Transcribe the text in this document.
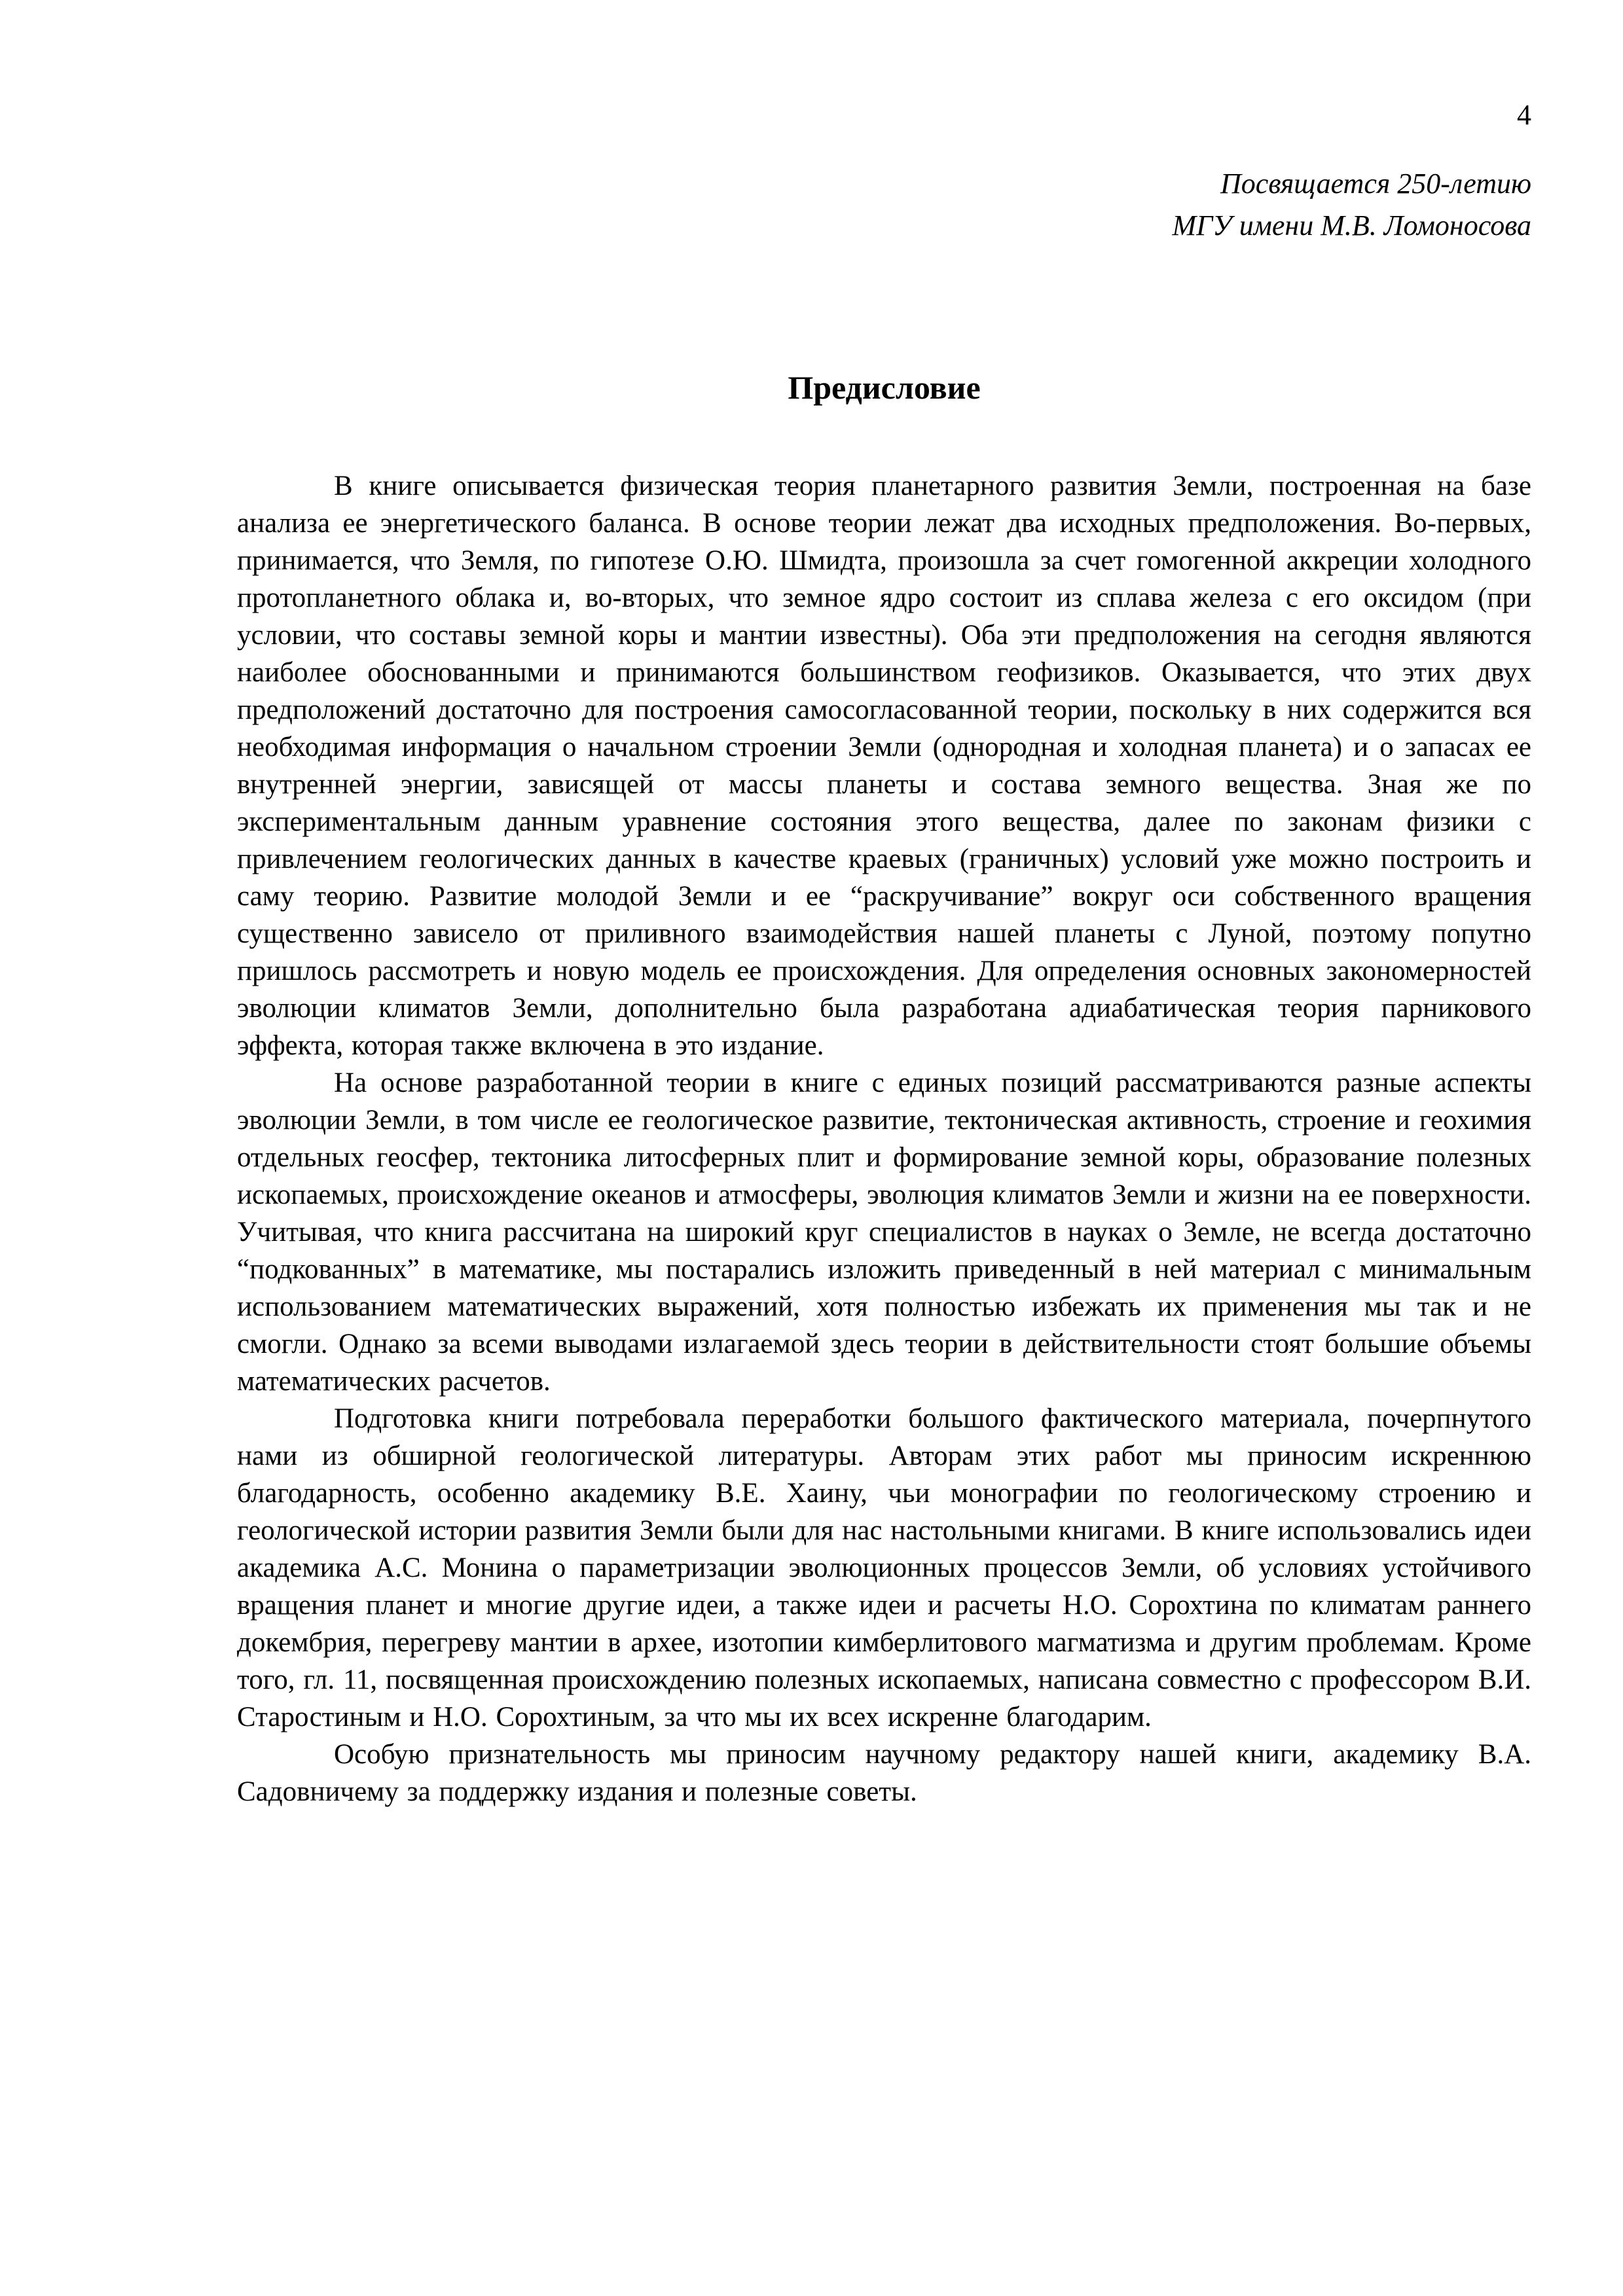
4
Посвящается 250-летию
МГУ имени М.В. Ломоносова
Предисловие

В книге описывается физическая теория планетарного развития Земли, построенная на базе анализа ее энергетического баланса. В основе теории лежат два исходных предположения. Во-первых, принимается, что Земля, по гипотезе О.Ю. Шмидта, произошла за счет гомогенной аккреции холодного протопланетного облака и, во-вторых, что земное ядро состоит из сплава железа с его оксидом (при условии, что составы земной коры и мантии известны). Оба эти предположения на сегодня являются наиболее обоснованными и принимаются большинством геофизиков. Оказывается, что этих двух предположений достаточно для построения самосогласованной теории, поскольку в них содержится вся необходимая информация о начальном строении Земли (однородная и холодная планета) и о запасах ее внутренней энергии, зависящей от массы планеты и состава земного вещества. Зная же по экспериментальным данным уравнение состояния этого вещества, далее по законам физики с привлечением геологических данных в качестве краевых (граничных) условий уже можно построить и саму теорию. Развитие молодой Земли и ее “раскручивание” вокруг оси собственного вращения существенно зависело от приливного взаимодействия нашей планеты с Луной, поэтому попутно пришлось рассмотреть и новую модель ее происхождения. Для определения основных закономерностей эволюции климатов Земли, дополнительно была разработана адиабатическая теория парникового эффекта, которая также включена в это издание.

На основе разработанной теории в книге с единых позиций рассматриваются разные аспекты эволюции Земли, в том числе ее геологическое развитие, тектоническая активность, строение и геохимия отдельных геосфер, тектоника литосферных плит и формирование земной коры, образование полезных ископаемых, происхождение океанов и атмосферы, эволюция климатов Земли и жизни на ее поверхности. Учитывая, что книга рассчитана на широкий круг специалистов в науках о Земле, не всегда достаточно “подкованных” в математике, мы постарались изложить приведенный в ней материал с минимальным использованием математических выражений, хотя полностью избежать их применения мы так и не смогли. Однако за всеми выводами излагаемой здесь теории в действительности стоят большие объемы математических расчетов.

Подготовка книги потребовала переработки большого фактического материала, почерпнутого нами из обширной геологической литературы. Авторам этих работ мы приносим искреннюю благодарность, особенно академику В.Е. Хаину, чьи монографии по геологическому строению и геологической истории развития Земли были для нас настольными книгами. В книге использовались идеи академика А.С. Монина о параметризации эволюционных процессов Земли, об условиях устойчивого вращения планет и многие другие идеи, а также идеи и расчеты Н.О. Сорохтина по климатам раннего докембрия, перегреву мантии в архее, изотопии кимберлитового магматизма и другим проблемам. Кроме того, гл. 11, посвященная происхождению полезных ископаемых, написана совместно с профессором В.И. Старостиным и Н.О. Сорохтиным, за что мы их всех искренне благодарим.

Особую признательность мы приносим научному редактору нашей книги, академику В.А. Садовничему за поддержку издания и полезные советы.
